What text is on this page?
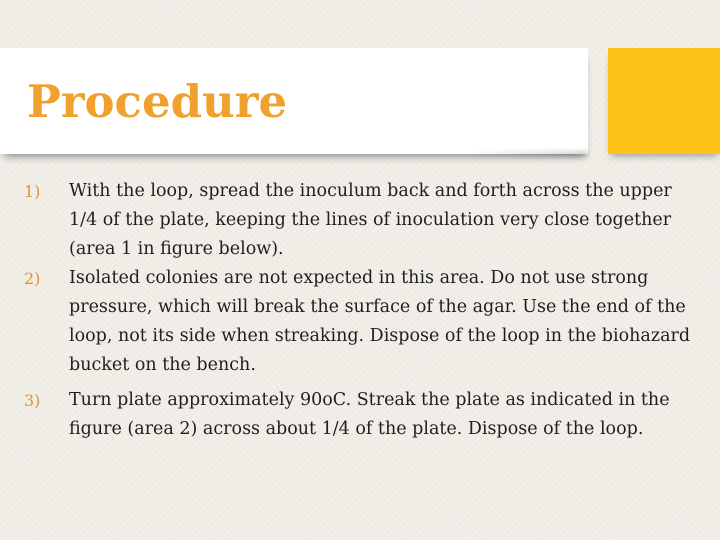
Procedure
1) With the loop, spread the inoculum back and forth across the upper 1/4 of the plate, keeping the lines of inoculation very close together (area 1 in figure below).
2) Isolated colonies are not expected in this area. Do not use strong pressure, which will break the surface of the agar. Use the end of the loop, not its side when streaking. Dispose of the loop in the biohazard bucket on the bench.
3) Turn plate approximately 90oC. Streak the plate as indicated in the figure (area 2) across about 1/4 of the plate. Dispose of the loop.
